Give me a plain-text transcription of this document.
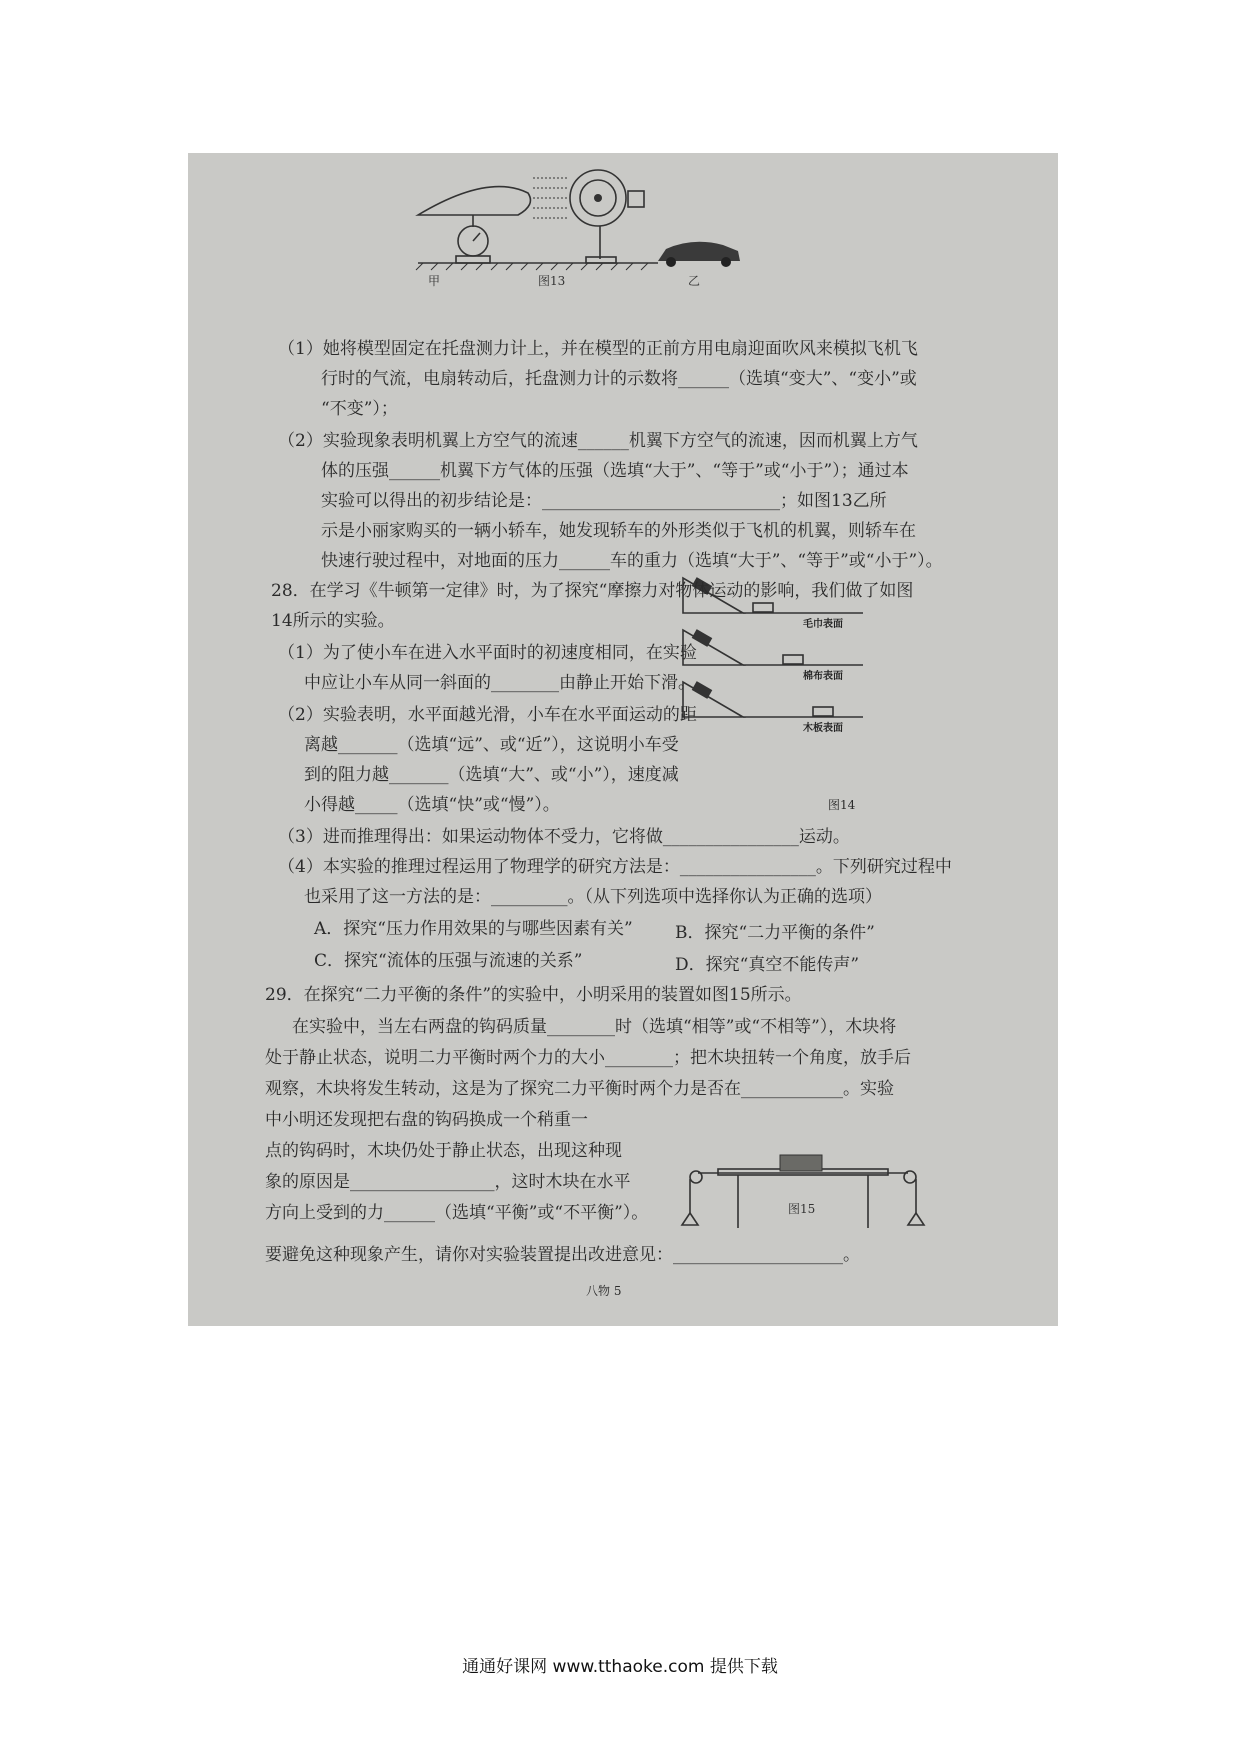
甲	图13	乙
毛巾表面
棉布表面
木板表面
图14
图15
（1）她将模型固定在托盘测力计上，并在模型的正前方用电扇迎面吹风来模拟飞机飞
行时的气流，电扇转动后，托盘测力计的示数将______（选填“变大”、“变小”或
“不变”）；
（2）实验现象表明机翼上方空气的流速______机翼下方空气的流速，因而机翼上方气
体的压强______机翼下方气体的压强（选填“大于”、“等于”或“小于”）；通过本
实验可以得出的初步结论是：____________________________；如图13乙所
示是小丽家购买的一辆小轿车，她发现轿车的外形类似于飞机的机翼，则轿车在
快速行驶过程中，对地面的压力______车的重力（选填“大于”、“等于”或“小于”）。
28．在学习《牛顿第一定律》时，为了探究“摩擦力对物体运动的影响，我们做了如图
14所示的实验。
（1）为了使小车在进入水平面时的初速度相同，在实验
中应让小车从同一斜面的________由静止开始下滑。
（2）实验表明，水平面越光滑，小车在水平面运动的距
离越_______（选填“远”、或“近”），这说明小车受
到的阻力越_______（选填“大”、或“小”），速度减
小得越_____（选填“快”或“慢”）。
（3）进而推理得出：如果运动物体不受力，它将做________________运动。
（4）本实验的推理过程运用了物理学的研究方法是：________________。下列研究过程中
也采用了这一方法的是：_________。（从下列选项中选择你认为正确的选项）
A．探究“压力作用效果的与哪些因素有关” B．探究“二力平衡的条件”
C．探究“流体的压强与流速的关系”	D．探究“真空不能传声”
29．在探究“二力平衡的条件”的实验中，小明采用的装置如图15所示。
在实验中，当左右两盘的钩码质量________时（选填“相等”或“不相等”），木块将
处于静止状态，说明二力平衡时两个力的大小________；把木块扭转一个角度，放手后
观察，木块将发生转动，这是为了探究二力平衡时两个力是否在____________。实验
中小明还发现把右盘的钩码换成一个稍重一
点的钩码时，木块仍处于静止状态，出现这种现
象的原因是_________________，这时木块在水平
方向上受到的力______（选填“平衡”或“不平衡”）。
要避免这种现象产生，请你对实验装置提出改进意见：____________________。
八物 5
通通好课网 www.tthaoke.com 提供下载
